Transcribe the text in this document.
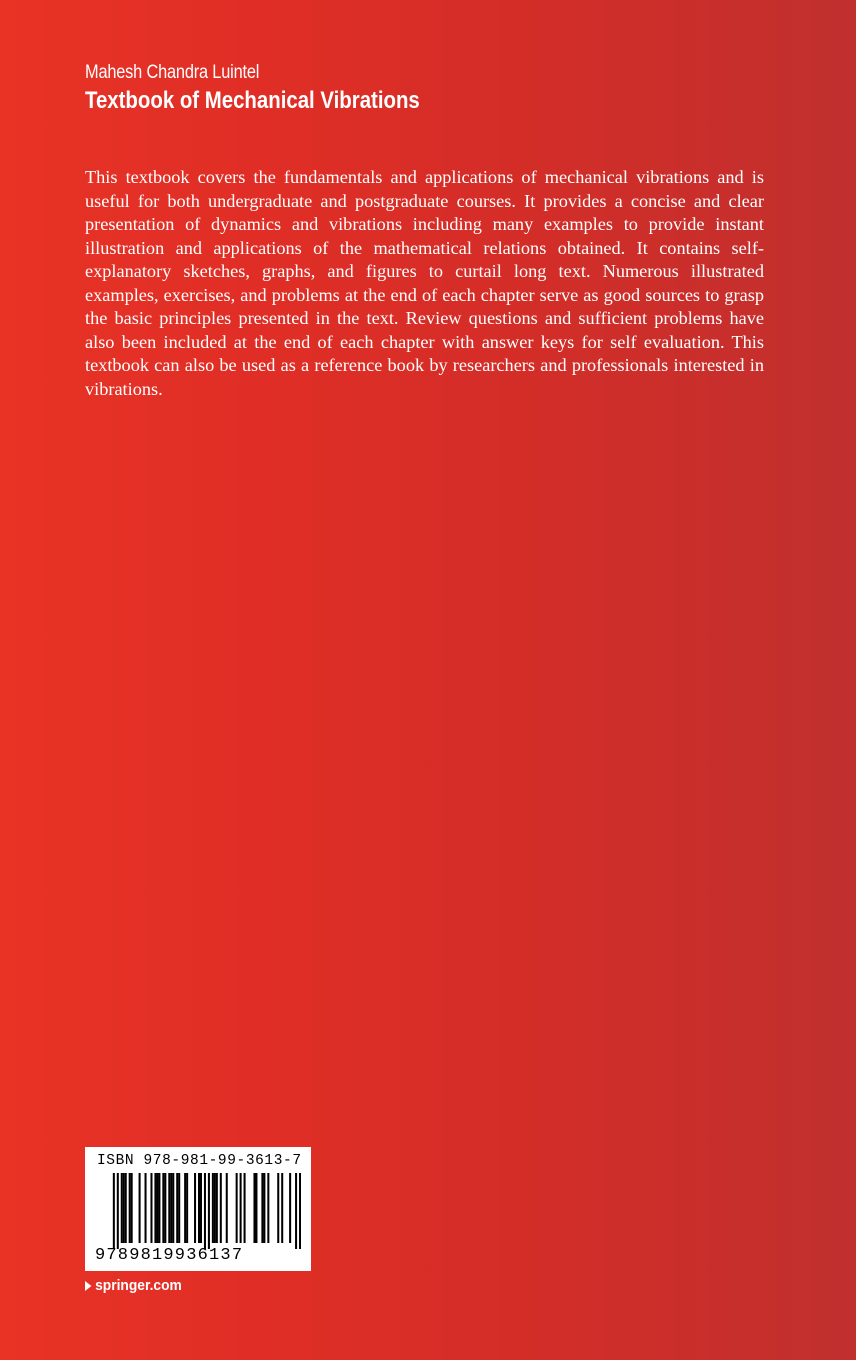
Mahesh Chandra Luintel
Textbook of Mechanical Vibrations

This textbook covers the fundamentals and applications of mechanical vibrations and is useful for both undergraduate and postgraduate courses. It provides a concise and clear presentation of dynamics and vibrations including many examples to provide instant illustration and applications of the mathematical relations obtained. It contains self-explanatory sketches, graphs, and figures to curtail long text. Numerous illustrated examples, exercises, and problems at the end of each chapter serve as good sources to grasp the basic principles presented in the text. Review questions and sufficient problems have also been included at the end of each chapter with answer keys for self evaluation. This textbook can also be used as a reference book by researchers and professionals interested in vibrations.

ISBN 978-981-99-3613-7
9789819936137
springer.com
